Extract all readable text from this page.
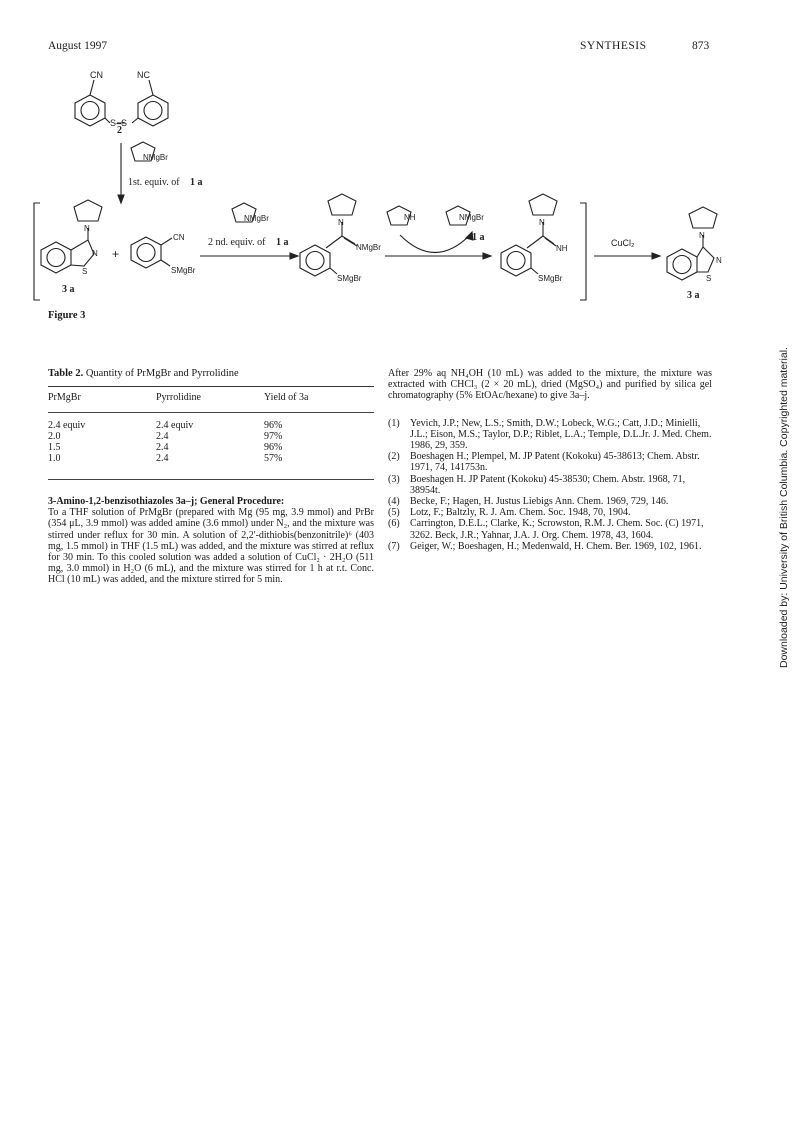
August 1997	SYNTHESIS	873
CN	NC
S–S
NMgBr
N
N
S
+
CN
SMgBr
NMgBr	N
NMgBr
SMgBr
NH	NMgBr
N
NH
SMgBr
CuCl₂
N
N
S
2
1st. equiv. of 1 a
3 a
2 nd. equiv. of 1 a	1 a
3 a
Figure 3
Table 2. Quantity of PrMgBr and Pyrrolidine
PrMgBr	Pyrrolidine	Yield of 3a

2.4 equiv	2.4 equiv	96%
2.0	2.4	97%
1.5	2.4	96%
1.0	2.4	57%

3-Amino-1,2-benzisothiazoles 3a–j; General Procedure:

To a THF solution of PrMgBr (prepared with Mg (95 mg, 3.9 mmol) and PrBr (354 μL, 3.9 mmol) was added amine (3.6 mmol) under N₂, and the mixture was stirred under reflux for 30 min. A solution of 2,2'-dithiobis(benzonitrile)⁶ (403 mg, 1.5 mmol) in THF (1.5 mL) was added, and the mixture was stirred at reflux for 30 min. To this cooled solution was added a solution of CuCl₂ · 2H₂O (511 mg, 3.0 mmol) in H₂O (6 mL), and the mixture was stirred for 1 h at r.t. Conc. HCl (10 mL) was added, and the mixture stirred for 5 min.

After 29% aq NH₄OH (10 mL) was added to the mixture, the mixture was extracted with CHCl₃ (2 × 20 mL), dried (MgSO₄) and purified by silica gel chromatography (5% EtOAc/hexane) to give 3a–j.

(1)	Yevich, J.P.; New, L.S.; Smith, D.W.; Lobeck, W.G.; Catt, J.D.; Minielli, J.L.; Eison, M.S.; Taylor, D.P.; Riblet, L.A.; Temple, D.L.Jr. J. Med. Chem. 1986, 29, 359.
(2)	Boeshagen H.; Plempel, M. JP Patent (Kokoku) 45-38613; Chem. Abstr. 1971, 74, 141753n.
(3)	Boeshagen H. JP Patent (Kokoku) 45-38530; Chem. Abstr. 1968, 71, 38954t.
(4)	Becke, F.; Hagen, H. Justus Liebigs Ann. Chem. 1969, 729, 146.
(5)	Lotz, F.; Baltzly, R. J. Am. Chem. Soc. 1948, 70, 1904.
(6)	Carrington, D.E.L.; Clarke, K.; Scrowston, R.M. J. Chem. Soc. (C) 1971, 3262. Beck, J.R.; Yahnar, J.A. J. Org. Chem. 1978, 43, 1604.
(7)	Geiger, W.; Boeshagen, H.; Medenwald, H. Chem. Ber. 1969, 102, 1961.	Downloaded by: University of British Columbia. Copyrighted material.
